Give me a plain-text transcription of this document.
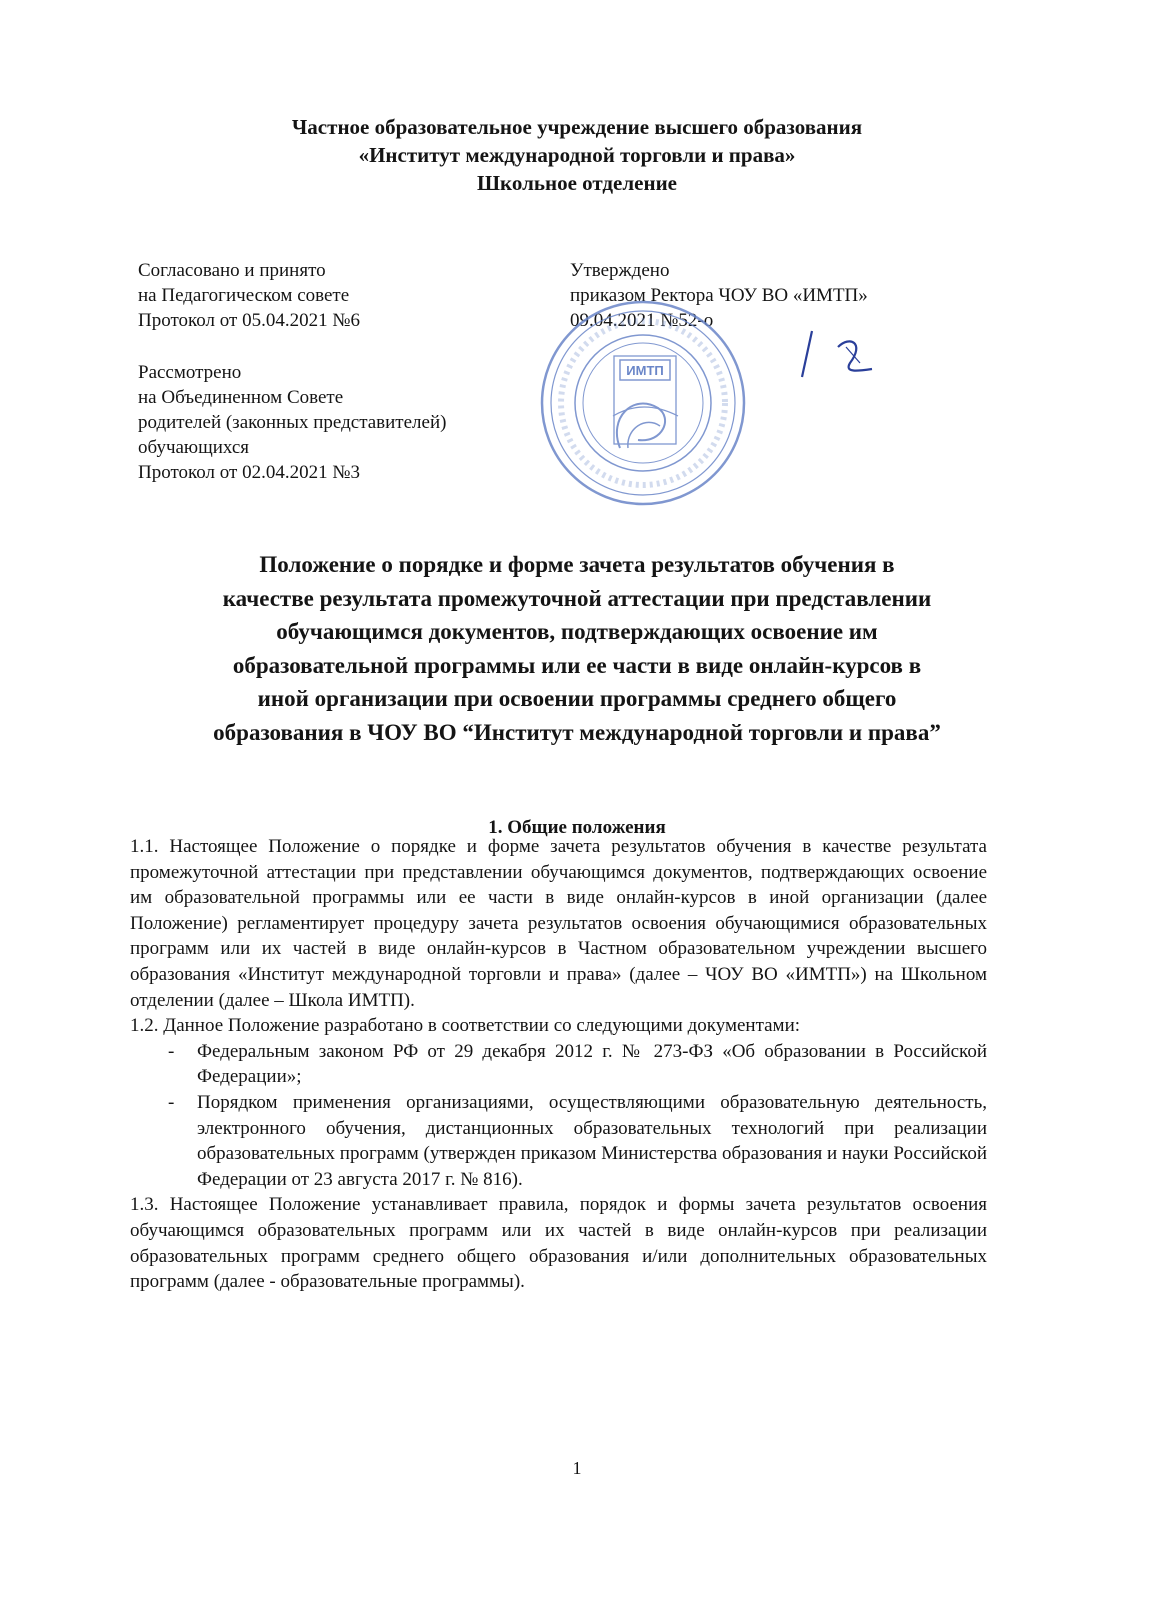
Частное образовательное учреждение высшего образования
«Институт международной торговли и права»
Школьное отделение
Согласовано и принято
на Педагогическом совете
Протокол от 05.04.2021 №6
Рассмотрено
на Объединенном Совете
родителей (законных представителей)
обучающихся
Протокол от 02.04.2021 №3
Утверждено
приказом Ректора ЧОУ ВО «ИМТП»
09.04.2021 №52-о
ИМТП
Положение о порядке и форме зачета результатов обучения в
качестве результата промежуточной аттестации при представлении
обучающимся документов, подтверждающих освоение им
образовательной программы или ее части в виде онлайн-курсов в
иной организации при освоении программы среднего общего
образования в ЧОУ ВО “Институт международной торговли и права”
1. Общие положения

1.1. Настоящее Положение о порядке и форме зачета результатов обучения в качестве результата промежуточной аттестации при представлении обучающимся документов, подтверждающих освоение им образовательной программы или ее части в виде онлайн-курсов в иной организации (далее Положение) регламентирует процедуру зачета результатов освоения обучающимися образовательных программ или их частей в виде онлайн-курсов в Частном образовательном учреждении высшего образования «Институт международной торговли и права» (далее – ЧОУ ВО «ИМТП») на Школьном отделении (далее – Школа ИМТП).

1.2. Данное Положение разработано в соответствии со следующими документами:

- Федеральным законом РФ от 29 декабря 2012 г. № 273-ФЗ «Об образовании в Российской Федерации»;
- Порядком применения организациями, осуществляющими образовательную деятельность, электронного обучения, дистанционных образовательных технологий при реализации образовательных программ (утвержден приказом Министерства образования и науки Российской Федерации от 23 августа 2017 г. № 816).

1.3. Настоящее Положение устанавливает правила, порядок и формы зачета результатов освоения обучающимся образовательных программ или их частей в виде онлайн-курсов при реализации образовательных программ среднего общего образования и/или дополнительных образовательных программ (далее - образовательные программы).

1
